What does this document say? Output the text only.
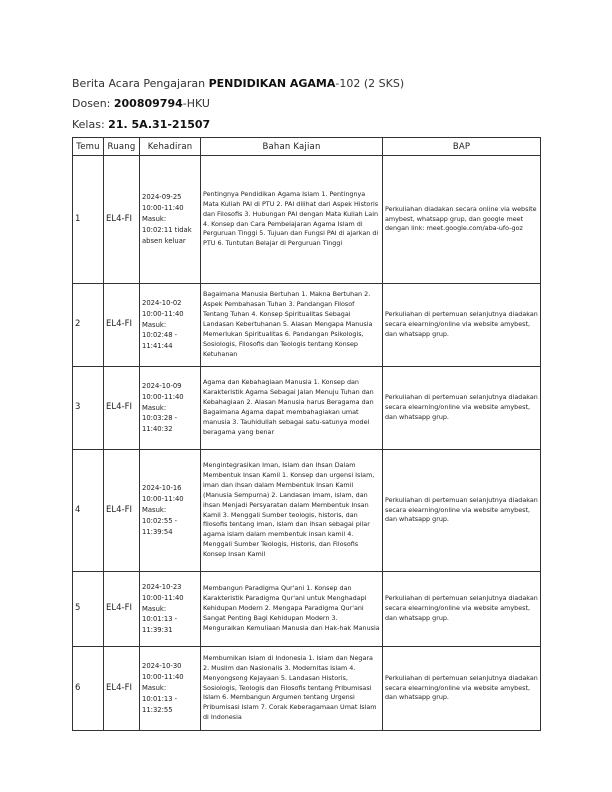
Berita Acara Pengajaran PENDIDIKAN AGAMA-102 (2 SKS)
Dosen: 200809794-HKU
Kelas: 21. 5A.31-21507
Temu	Ruang	Kehadiran	Bahan Kajian	BAP
1	EL4-FI	2024-09-25 10:00-11:40 Masuk: 10:02:11 tidak absen keluar	Pentingnya Pendidikan Agama Islam 1. Pentingnya Mata Kuliah PAI di PTU 2. PAI dilihat dari Aspek Historis dan Filosofis 3. Hubungan PAI dengan Mata Kuliah Lain 4. Konsep dan Cara Pembelajaran Agama Islam di Perguruan Tinggi 5. Tujuan dan Fungsi PAI di ajarkan di PTU 6. Tuntutan Belajar di Perguruan Tinggi	Perkuliahan diadakan secara online via website amybest, whatsapp grup, dan google meet dengan link: meet.google.com/aba-ufo-goz
2	EL4-FI	2024-10-02 10:00-11:40 Masuk: 10:02:48 - 11:41:44	Bagaimana Manusia Bertuhan 1. Makna Bertuhan 2. Aspek Pembahasan Tuhan 3. Pandangan Filosof Tentang Tuhan 4. Konsep Spiritualitas Sebagai Landasan Kebertuhanan 5. Alasan Mengapa Manusia Memerlukan Spiritualitas 6. Pandangan Psikologis, Sosiologis, Filosofis dan Teologis tentang Konsep Ketuhanan	Perkuliahan di pertemuan selanjutnya diadakan secara elearning/online via website amybest, dan whatsapp grup.
3	EL4-FI	2024-10-09 10:00-11:40 Masuk: 10:03:28 - 11:40:32	Agama dan Kebahagiaan Manusia 1. Konsep dan Karakteristik Agama Sebagai Jalan Menuju Tuhan dan Kebahagiaan 2. Alasan Manusia harus Beragama dan Bagaimana Agama dapat membahagiakan umat manusia 3. Tauhidullah sebagai satu-satunya model beragama yang benar	Perkuliahan di pertemuan selanjutnya diadakan secara elearning/online via website amybest, dan whatsapp grup.
4	EL4-FI	2024-10-16 10:00-11:40 Masuk: 10:02:55 - 11:39:54	Mengintegrasikan Iman, Islam dan Ihsan Dalam Membentuk Insan Kamil 1. Konsep dan urgensi Islam, iman dan ihsan dalam Membentuk Insan Kamil (Manusia Sempurna) 2. Landasan imam, islam, dan ihsan Menjadi Persyaratan dalam Membentuk Insan Kamil 3. Menggali Sumber teologis, historis, dan filosofis tentang iman, islam dan ihsan sebagai pilar agama islam dalam membentuk insan kamil 4. Menggali Sumber Teologis, Historis, dan Filosofis Konsep Insan Kamil	Perkuliahan di pertemuan selanjutnya diadakan secara elearning/online via website amybest, dan whatsapp grup.
5	EL4-FI	2024-10-23 10:00-11:40 Masuk: 10:01:13 - 11:39:31	Membangun Paradigma Qur'ani 1. Konsep dan Karakteristik Paradigma Qur'ani untuk Menghadapi Kehidupan Modern 2. Mengapa Paradigma Qur'ani Sangat Penting Bagi Kehidupan Modern 3. Menguraikan Kemuliaan Manusia dan Hak-hak Manusia	Perkuliahan di pertemuan selanjutnya diadakan secara elearning/online via website amybest, dan whatsapp grup.
6	EL4-FI	2024-10-30 10:00-11:40 Masuk: 10:01:13 - 11:32:55	Membumikan Islam di Indonesia 1. Islam dan Negara 2. Muslim dan Nasionalis 3. Modernitas Islam 4. Menyongsong Kejayaan 5. Landasan Historis, Sosiologis, Teologis dan Filosofis tentang Pribumisasi Islam 6. Membangun Argumen tentang Urgensi Pribumisasi Islam 7. Corak Keberagamaan Umat Islam di Indonesia	Perkuliahan di pertemuan selanjutnya diadakan secara elearning/online via website amybest, dan whatsapp grup.
